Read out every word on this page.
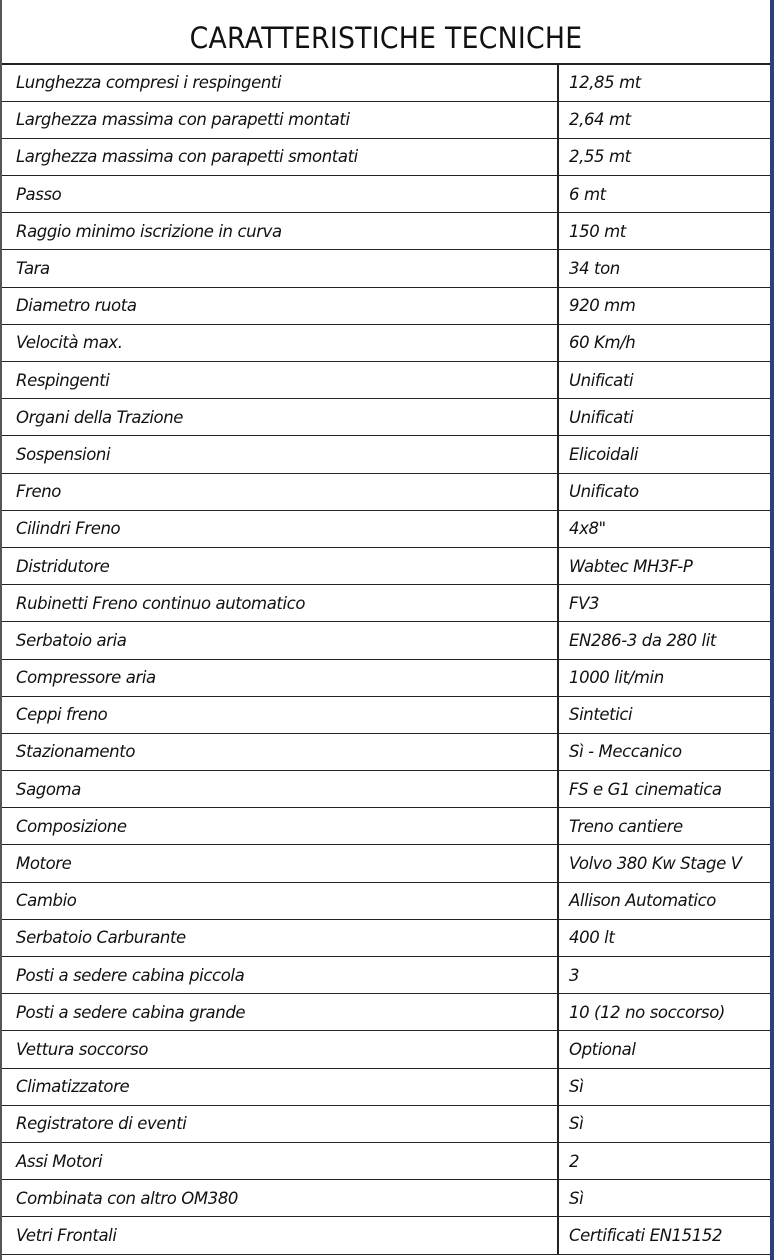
CARATTERISTICHE TECNICHE
Lunghezza compresi i respingenti	12,85 mt
Larghezza massima con parapetti montati	2,64 mt
Larghezza massima con parapetti smontati	2,55 mt
Passo	6 mt
Raggio minimo iscrizione in curva	150 mt
Tara	34 ton
Diametro ruota	920 mm
Velocità max.	60 Km/h
Respingenti	Unificati
Organi della Trazione	Unificati
Sospensioni	Elicoidali
Freno	Unificato
Cilindri Freno	4x8"
Distridutore	Wabtec MH3F-P
Rubinetti Freno continuo automatico	FV3
Serbatoio aria	EN286-3 da 280 lit
Compressore aria	1000 lit/min
Ceppi freno	Sintetici
Stazionamento	Sì - Meccanico
Sagoma	FS e G1 cinematica
Composizione	Treno cantiere
Motore	Volvo 380 Kw Stage V
Cambio	Allison Automatico
Serbatoio Carburante	400 lt
Posti a sedere cabina piccola	3
Posti a sedere cabina grande	10 (12 no soccorso)
Vettura soccorso	Optional
Climatizzatore	Sì
Registratore di eventi	Sì
Assi Motori	2
Combinata con altro OM380	Sì
Vetri Frontali	Certificati EN15152
